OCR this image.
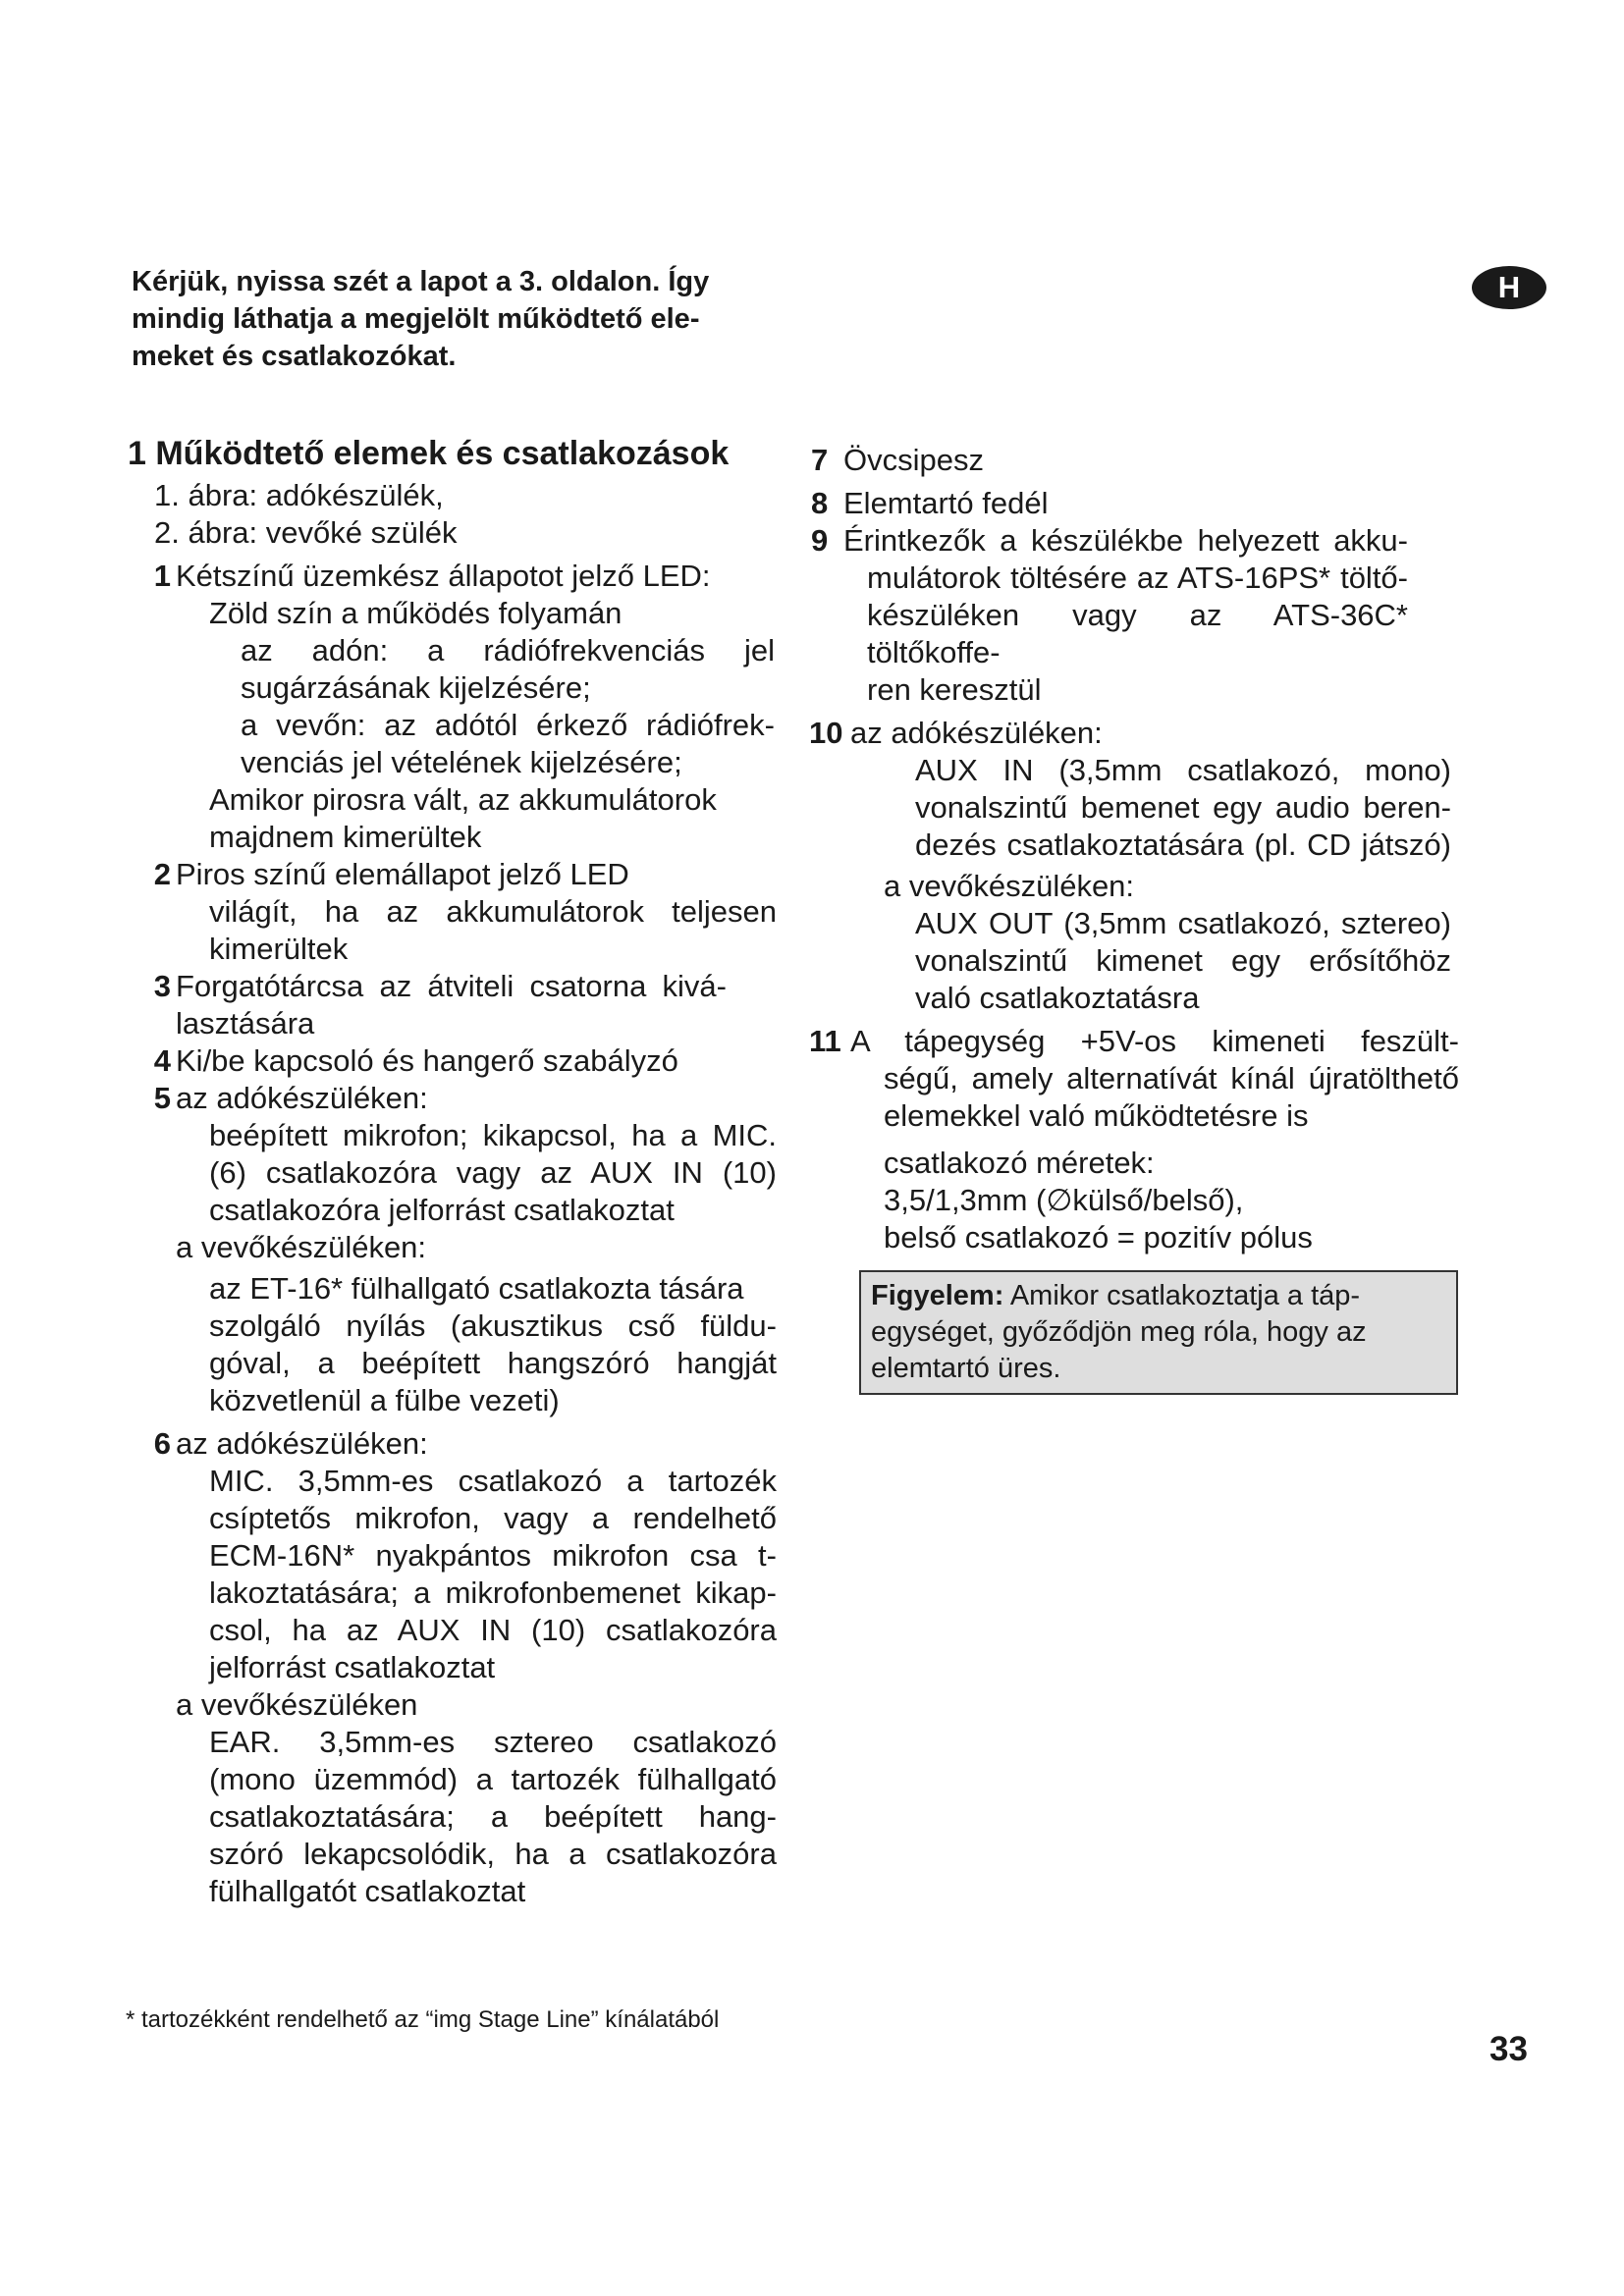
Kérjük, nyissa szét a lapot a 3. oldalon. Így
mindig láthatja a megjelölt működtető ele-
meket és csatlakozókat.
H
1 Működtető elemek és csatlakozások
1. ábra: adókészülék,
2. ábra: vevőké szülék
1 Kétszínű üzemkész állapotot jelző LED:
Zöld szín a működés folyamán
az adón: a rádiófrekvenciás jel
sugárzásának kijelzésére;
a vevőn: az adótól érkező rádiófrek-
venciás jel vételének kijelzésére;
Amikor pirosra vált, az akkumulátorok
majdnem kimerültek
2 Piros színű elemállapot jelző LED
világít, ha az akkumulátorok teljesen
kimerültek
3 Forgatótárcsa az átviteli csatorna kivá-
lasztására
4 Ki/be kapcsoló és hangerő szabályzó
5 az adókészüléken:
beépített mikrofon; kikapcsol, ha a MIC.
(6) csatlakozóra vagy az AUX IN (10)
csatlakozóra jelforrást csatlakoztat
a vevőkészüléken:
az ET-16* fülhallgató csatlakozta tására
szolgáló nyílás (akusztikus cső füldu-
góval, a beépített hangszóró hangját
közvetlenül a fülbe vezeti)
6 az adókészüléken:
MIC. 3,5mm-es csatlakozó a tartozék
csíptetős mikrofon, vagy a rendelhető
ECM-16N* nyakpántos mikrofon csa t-
lakoztatására; a mikrofonbemenet kikap-
csol, ha az AUX IN (10) csatlakozóra
jelforrást csatlakoztat
a vevőkészüléken
EAR. 3,5mm-es sztereo csatlakozó
(mono üzemmód) a tartozék fülhallgató
csatlakoztatására; a beépített hang-
szóró lekapcsolódik, ha a csatlakozóra
fülhallgatót csatlakoztat
7 Övcsipesz
8 Elemtartó fedél
9 Érintkezők a készülékbe helyezett akku-
mulátorok töltésére az ATS-16PS* töltő-
készüléken vagy az ATS-36C* töltőkoffe-
ren keresztül
10 az adókészüléken:
AUX IN (3,5mm csatlakozó, mono)
vonalszintű bemenet egy audio beren-
dezés csatlakoztatására (pl. CD játszó)
a vevőkészüléken:
AUX OUT (3,5mm csatlakozó, sztereo)
vonalszintű kimenet egy erősítőhöz
való csatlakoztatásra
11 A tápegység +5V-os kimeneti feszült-
ségű, amely alternatívát kínál újratölthető
elemekkel való működtetésre is
csatlakozó méretek:
3,5/1,3mm (∅külső/belső),
belső csatlakozó = pozitív pólus
Figyelem: Amikor csatlakoztatja a táp-
egységet, győződjön meg róla, hogy az
elemtartó üres.
* tartozékként rendelhető az “img Stage Line” kínálatából
33
